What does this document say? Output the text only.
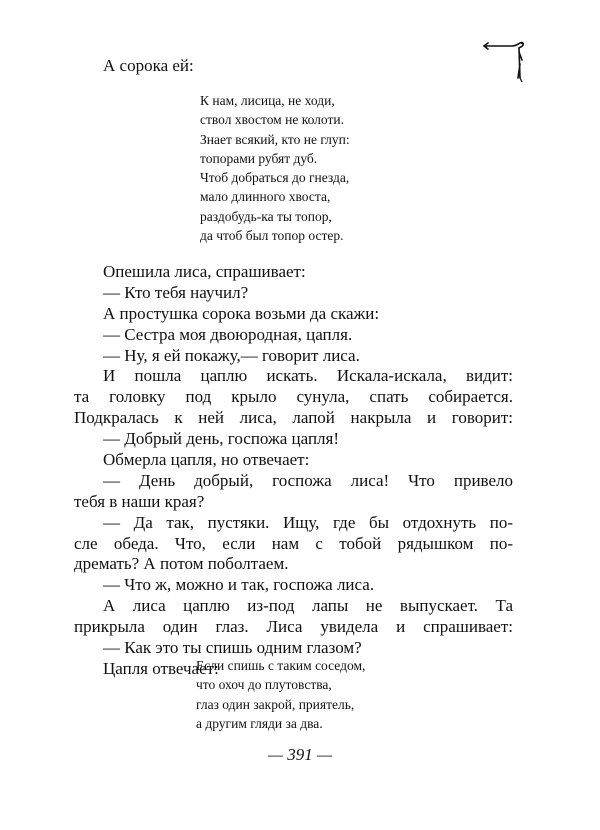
А сорока ей:

К нам, лисица, не ходи,
ствол хвостом не колоти.
Знает всякий, кто не глуп:
топорами рубят дуб.
Чтоб добраться до гнезда,
мало длинного хвоста,
раздобудь-ка ты топор,
да чтоб был топор остер.
Опешила лиса, спрашивает:
— Кто тебя научил?
А простушка сорока возьми да скажи:
— Сестра моя двоюродная, цапля.
— Ну, я ей покажу,— говорит лиса.
И пошла цаплю искать. Искала-искала, видит:
та головку под крыло сунула, спать собирается.
Подкралась к ней лиса, лапой накрыла и говорит:
— Добрый день, госпожа цапля!
Обмерла цапля, но отвечает:
— День добрый, госпожа лиса! Что привело
тебя в наши края?
— Да так, пустяки. Ищу, где бы отдохнуть по-
сле обеда. Что, если нам с тобой рядышком по-
дремать? А потом поболтаем.
— Что ж, можно и так, госпожа лиса.
А лиса цаплю из-под лапы не выпускает. Та
прикрыла один глаз. Лиса увидела и спрашивает:
— Как это ты спишь одним глазом?
Цапля отвечает:
Если спишь с таким соседом,
что охоч до плутовства,
глаз один закрой, приятель,
а другим гляди за два.
— 391 —
